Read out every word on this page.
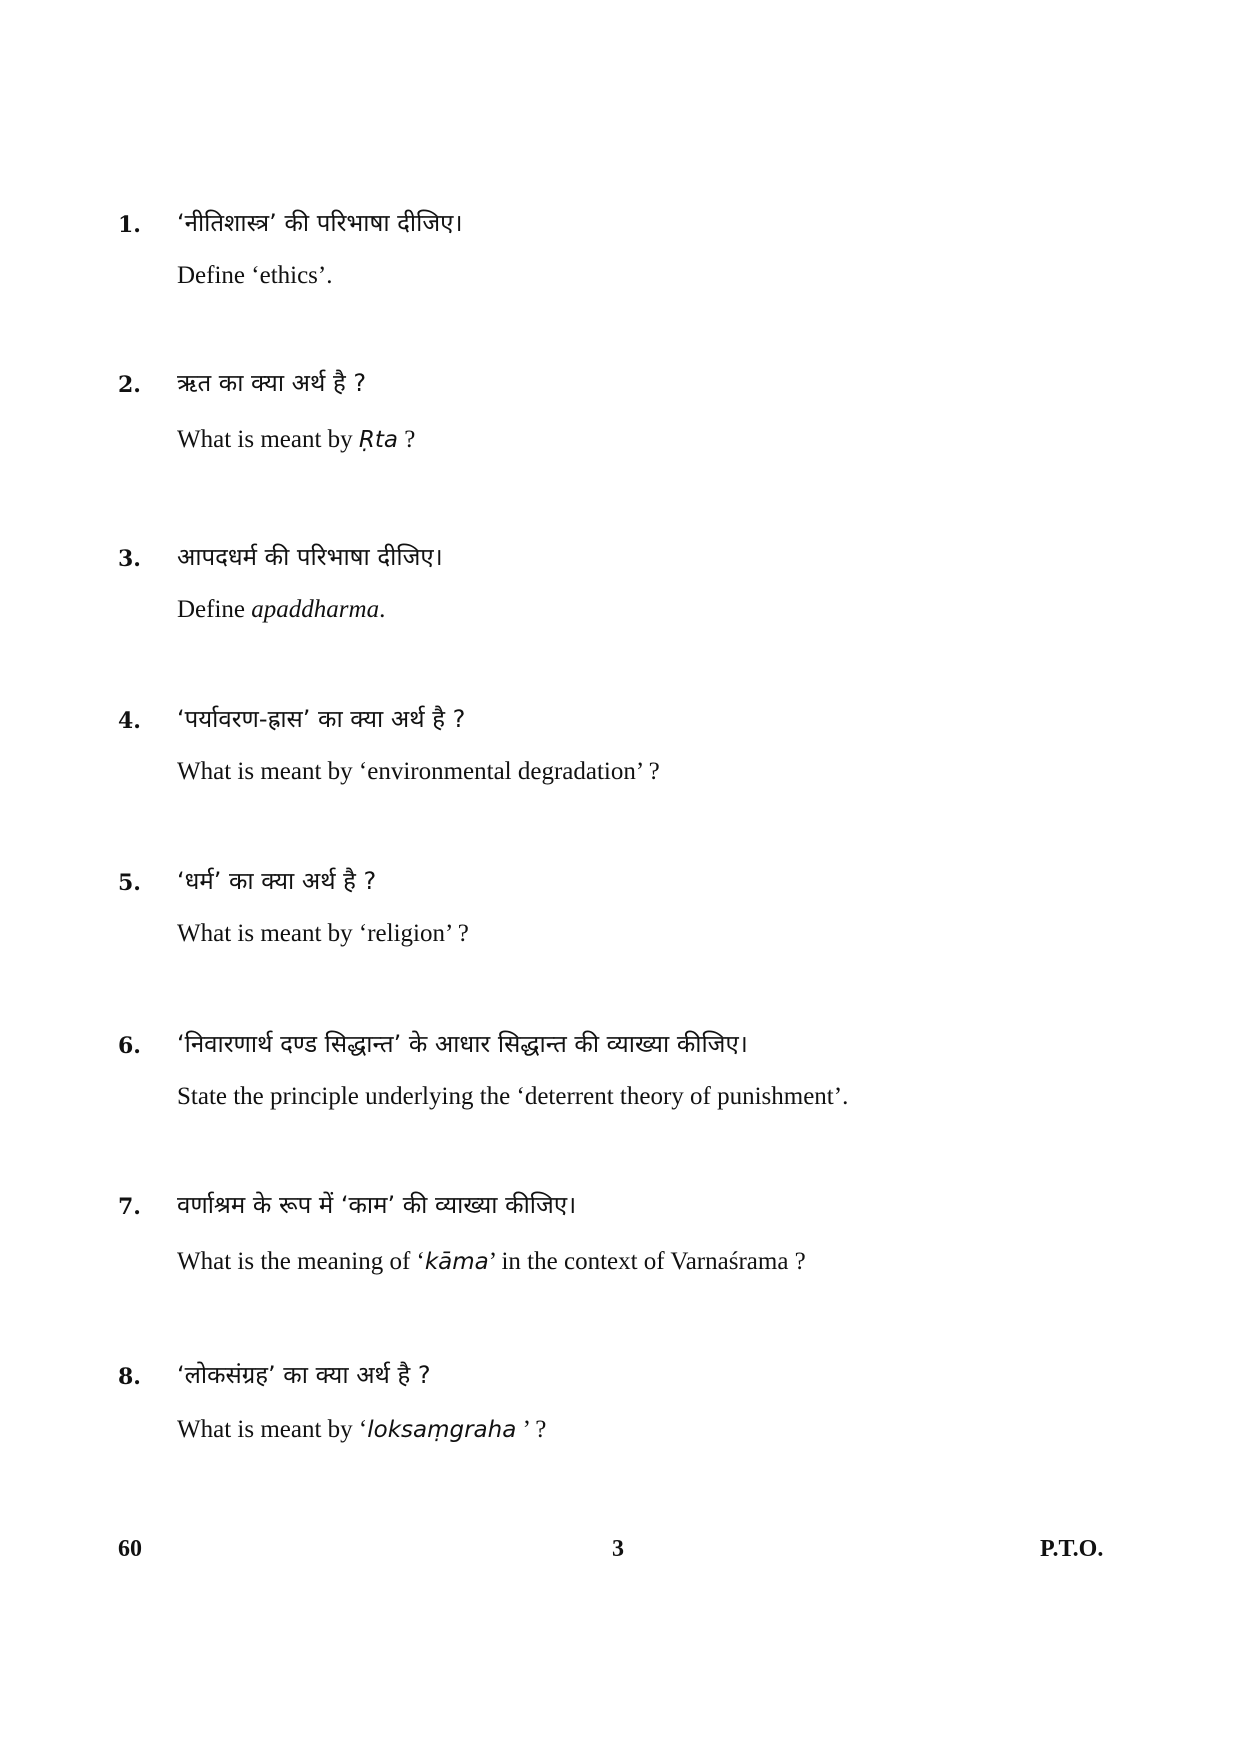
1. ‘नीतिशास्त्र’ की परिभाषा दीजिए।
Define ‘ethics’.
2. ऋत का क्या अर्थ है ?
What is meant by Ṛta ?
3. आपदधर्म की परिभाषा दीजिए।
Define apaddharma.
4. ‘पर्यावरण-ह्रास’ का क्या अर्थ है ?
What is meant by ‘environmental degradation’ ?
5. ‘धर्म’ का क्या अर्थ है ?
What is meant by ‘religion’ ?
6. ‘निवारणार्थ दण्ड सिद्धान्त’ के आधार सिद्धान्त की व्याख्या कीजिए।
State the principle underlying the ‘deterrent theory of punishment’.
7. वर्णाश्रम के रूप में ‘काम’ की व्याख्या कीजिए।
What is the meaning of ‘kāma’ in the context of Varnaśrama ?
8. ‘लोकसंग्रह’ का क्या अर्थ है ?
What is meant by ‘loksaṃgraha ’ ?
60	3	P.T.O.
